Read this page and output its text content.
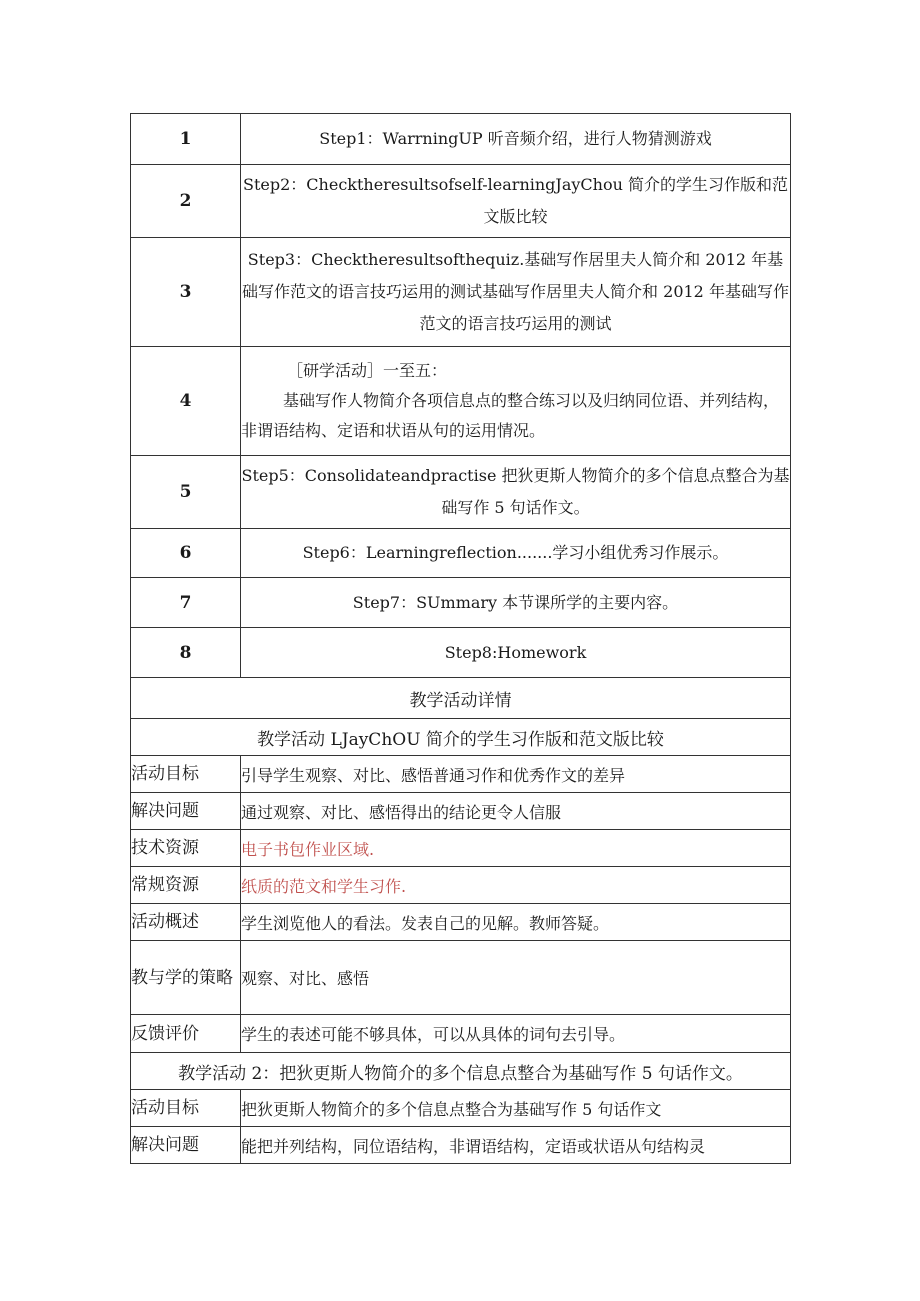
1	Step1：WarrningUP 听音频介绍，进行人物猜测游戏
2	Step2：Checktheresultsofself-learningJayChou 简介的学生习作版和范文版比较
3	Step3：Checktheresultsofthequiz.基础写作居里夫人简介和 2012 年基础写作范文的语言技巧运用的测试基础写作居里夫人简介和 2012 年基础写作范文的语言技巧运用的测试
4	［研学活动］一至五：

基础写作人物简介各项信息点的整合练习以及归纳同位语、并列结构，非谓语结构、定语和状语从句的运用情况。

5	Step5：Consolidateandpractise 把狄更斯人物简介的多个信息点整合为基础写作 5 句话作文。
6	Step6：Learningreflection.......学习小组优秀习作展示。
7	Step7：SUmmary 本节课所学的主要内容。
8	Step8:Homework
教学活动详情	
教学活动 LJayChOU 简介的学生习作版和范文版比较	
活动目标	引导学生观察、对比、感悟普通习作和优秀作文的差异
解决问题	通过观察、对比、感悟得出的结论更令人信服
技术资源	电子书包作业区域.
常规资源	纸质的范文和学生习作.
活动概述	学生浏览他人的看法。发表自己的见解。教师答疑。
教与学的策略	观察、对比、感悟
反馈评价	学生的表述可能不够具体，可以从具体的词句去引导。
教学活动 2：把狄更斯人物简介的多个信息点整合为基础写作 5 句话作文。	
活动目标	把狄更斯人物简介的多个信息点整合为基础写作 5 句话作文
解决问题	能把并列结构，同位语结构，非谓语结构，定语或状语从句结构灵
